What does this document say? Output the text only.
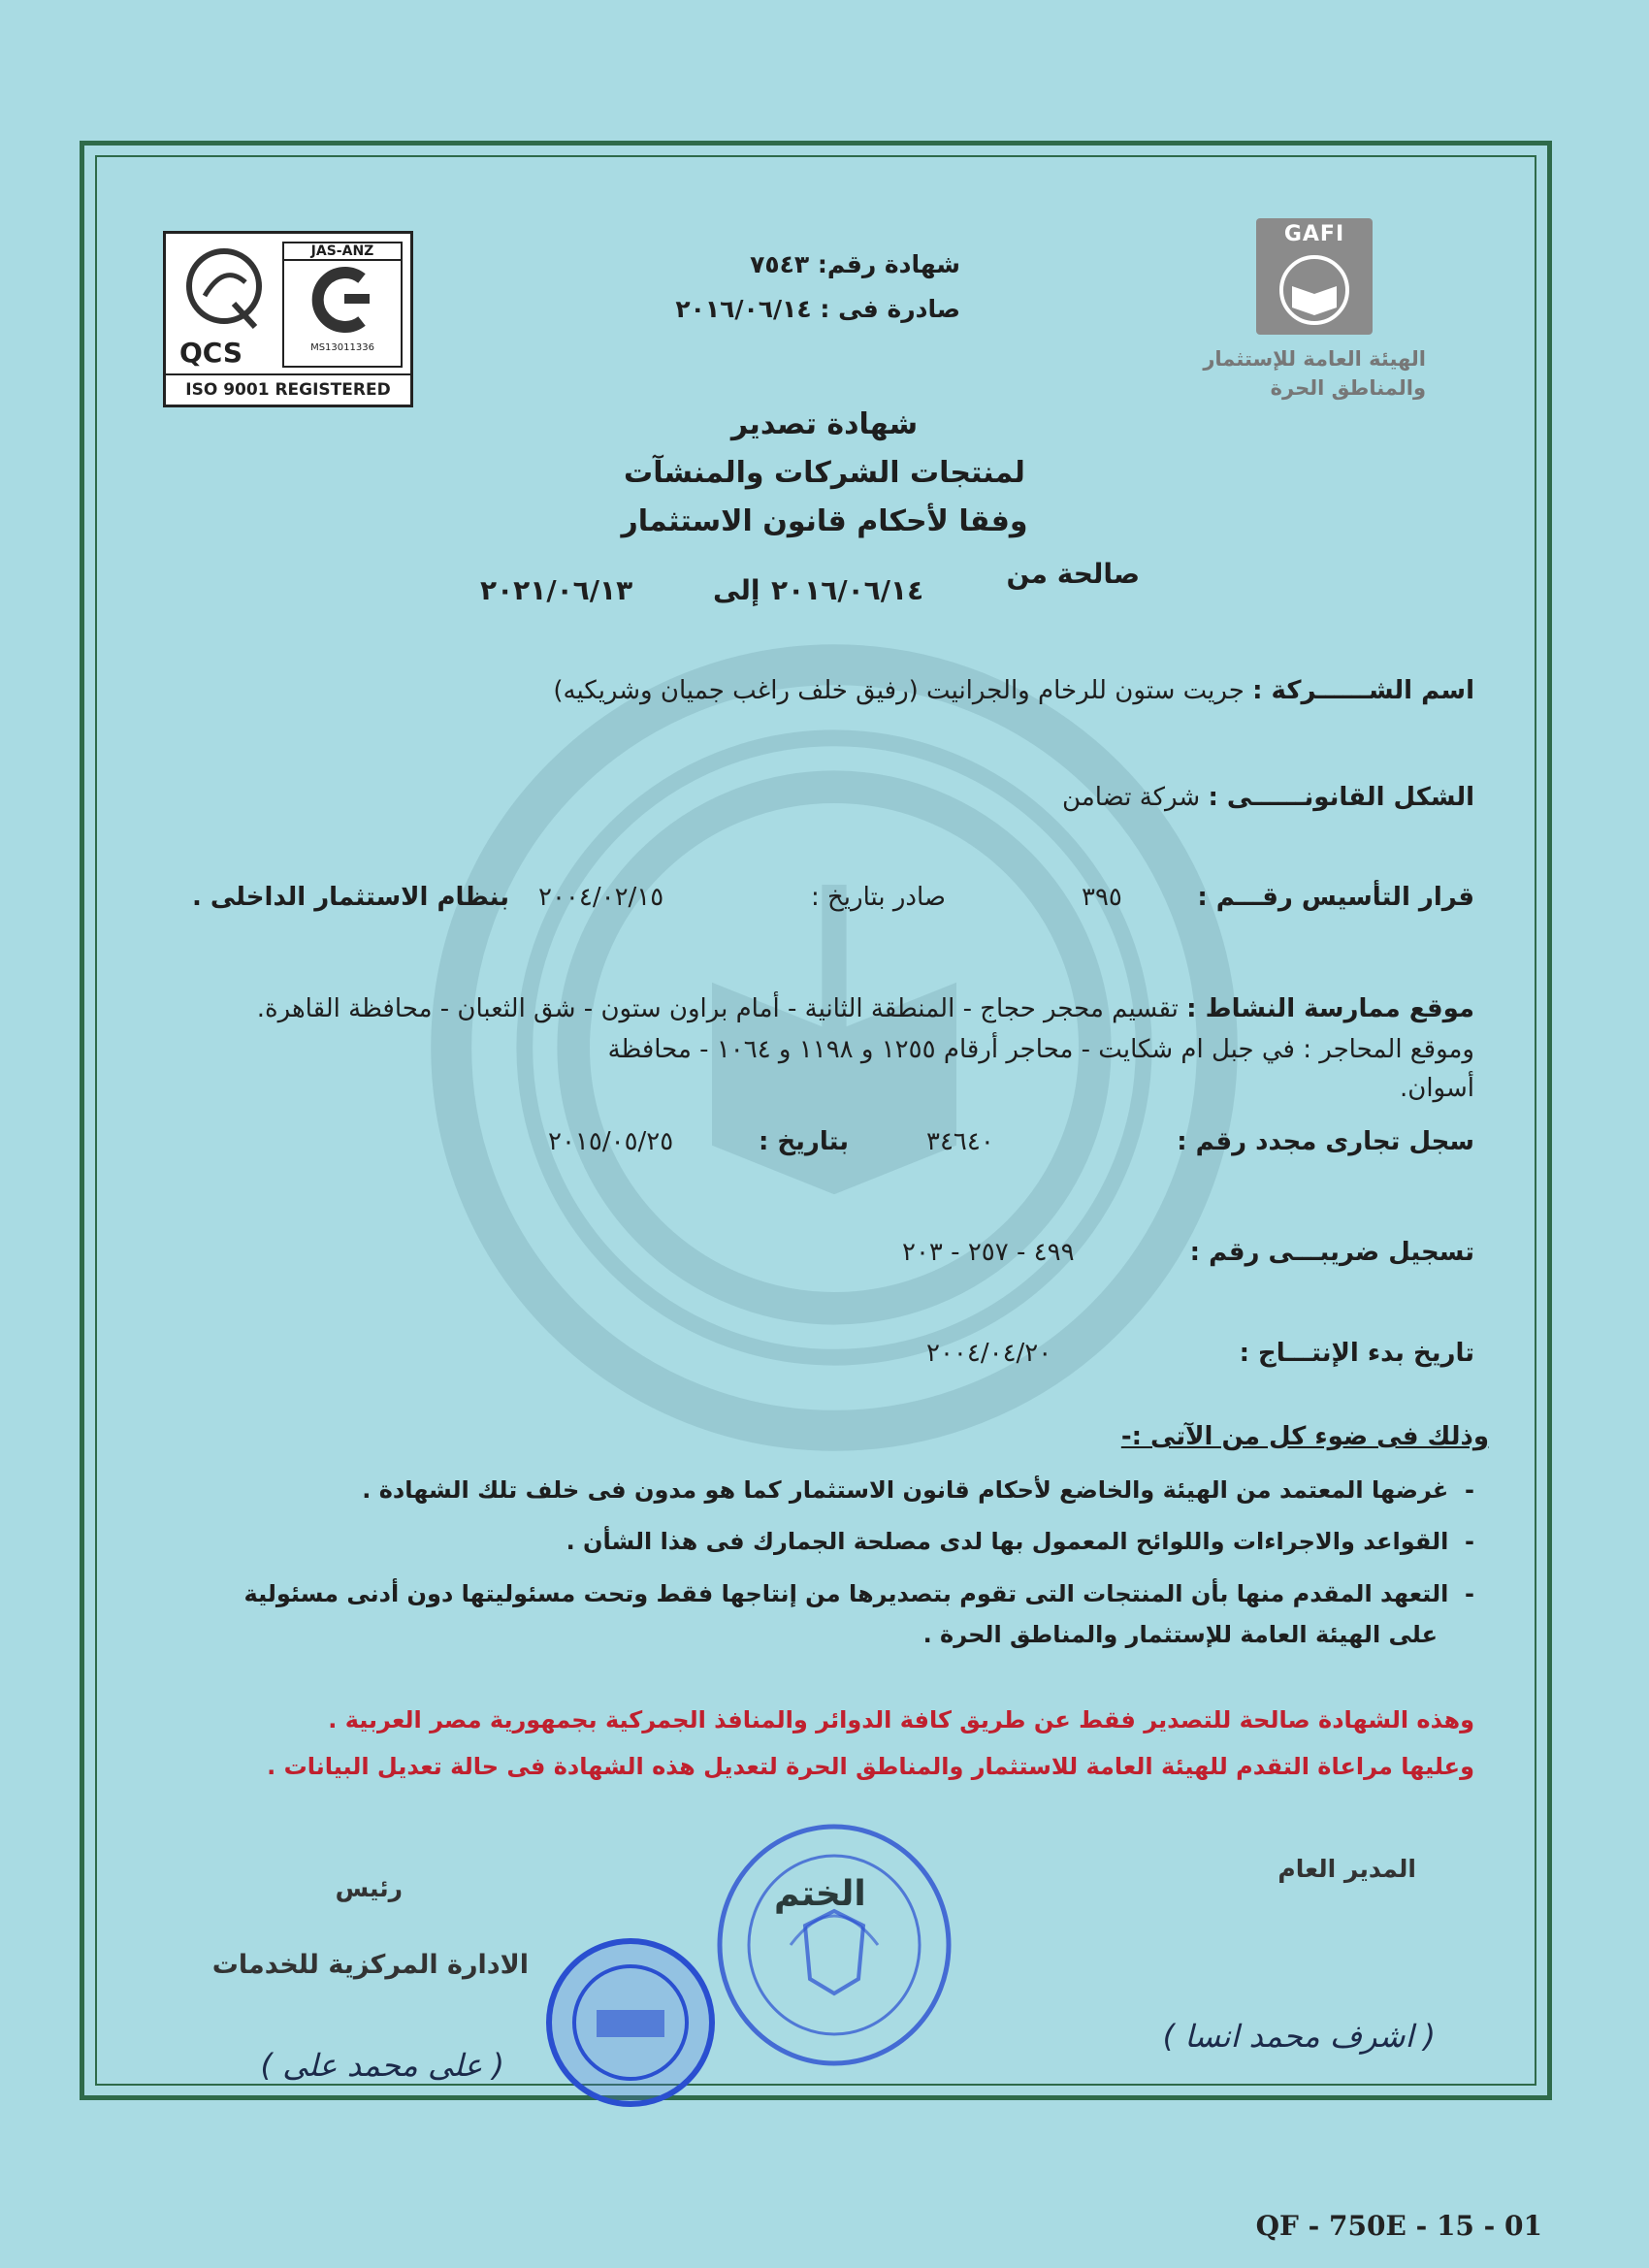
GAFI
الهيئة العامة للإستثمار
والمناطق الحرة
QCS
JAS-ANZ
MS13011336
ISO 9001 REGISTERED
شهادة رقم: ٧٥٤٣
صادرة فى : ٢٠١٦/٠٦/١٤
شهادة تصدير
لمنتجات الشركات والمنشآت
وفقا لأحكام قانون الاستثمار
صالحة من
٢٠١٦/٠٦/١٤
إلى
٢٠٢١/٠٦/١٣
اسم الشــــــركة : جريت ستون للرخام والجرانيت (رفيق خلف راغب جميان وشريكيه)
الشكل القانونــــــى : شركة تضامن
قرار التأسيس رقـــم :
٣٩٥
صادر بتاريخ :
٢٠٠٤/٠٢/١٥
بنظام الاستثمار الداخلى .
موقع ممارسة النشاط : تقسيم محجر حجاج - المنطقة الثانية - أمام براون ستون - شق الثعبان - محافظة القاهرة.
وموقع المحاجر : في جبل ام شكايت - محاجر أرقام ١٢٥٥ و ١١٩٨ و ١٠٦٤ - محافظة
أسوان.
سجل تجارى مجدد رقم :
٣٤٦٤٠
بتاريخ :
٢٠١٥/٠٥/٢٥
تسجيل ضريبـــى رقم :
٤٩٩ - ٢٥٧ - ٢٠٣
تاريخ بدء الإنتـــاج :
٢٠٠٤/٠٤/٢٠
وذلك فى ضوء كل من الآتى :-
-  غرضها المعتمد من الهيئة والخاضع لأحكام قانون الاستثمار كما هو مدون فى خلف تلك الشهادة .
-  القواعد والاجراءات واللوائح المعمول بها لدى مصلحة الجمارك فى هذا الشأن .
-  التعهد المقدم منها بأن المنتجات التى تقوم بتصديرها من إنتاجها فقط وتحت مسئوليتها دون أدنى مسئولية
على الهيئة العامة للإستثمار والمناطق الحرة .
وهذه الشهادة صالحة للتصدير فقط عن طريق كافة الدوائر والمنافذ الجمركية بجمهورية مصر العربية .
وعليها مراعاة التقدم للهيئة العامة للاستثمار والمناطق الحرة لتعديل هذه الشهادة فى حالة تعديل البيانات .
المدير العام
رئيس
الادارة المركزية للخدمات
( اشرف محمد انسا )
( على محمد على )
الختم
QF - 750E - 15 - 01
